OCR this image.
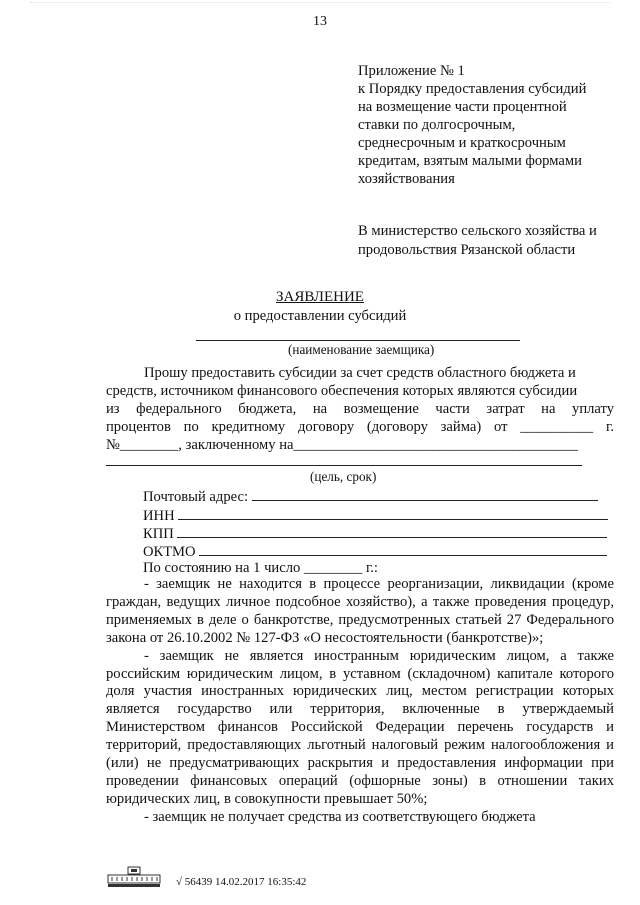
13
Приложение № 1
к Порядку предоставления субсидий
на возмещение части процентной
ставки по долгосрочным,
среднесрочным и краткосрочным
кредитам, взятым малыми формами
хозяйствования
В министерство сельского хозяйства и
продовольствия Рязанской области
ЗАЯВЛЕНИЕ
о предоставлении субсидий
(наименование заемщика)
Прошу предоставить субсидии за счет средств областного бюджета и
средств, источником финансового обеспечения которых являются субсидии
из федерального бюджета, на возмещение части затрат на уплату
процентов по кредитному договору (договору займа) от __________ г.
№________, заключенному на_______________________________________
(цель, срок)
Почтовый адрес:
ИНН
КПП
ОКТМО
По состоянию на 1 число ________ г.:

- заемщик не находится в процессе реорганизации, ликвидации (кроме граждан, ведущих личное подсобное хозяйство), а также проведения процедур, применяемых в деле о банкротстве, предусмотренных статьей 27 Федерального закона от 26.10.2002 № 127-ФЗ «О несостоятельности (банкротстве)»;

- заемщик не является иностранным юридическим лицом, а также российским юридическим лицом, в уставном (складочном) капитале которого доля участия иностранных юридических лиц, местом регистрации которых является государство или территория, включенные в утверждаемый Министерством финансов Российской Федерации перечень государств и территорий, предоставляющих льготный налоговый режим налогообложения и (или) не предусматривающих раскрытия и предоставления информации при проведении финансовых операций (офшорные зоны) в отношении таких юридических лиц, в совокупности превышает 50%;

- заемщик не получает средства из соответствующего бюджета

√ 56439 14.02.2017 16:35:42
